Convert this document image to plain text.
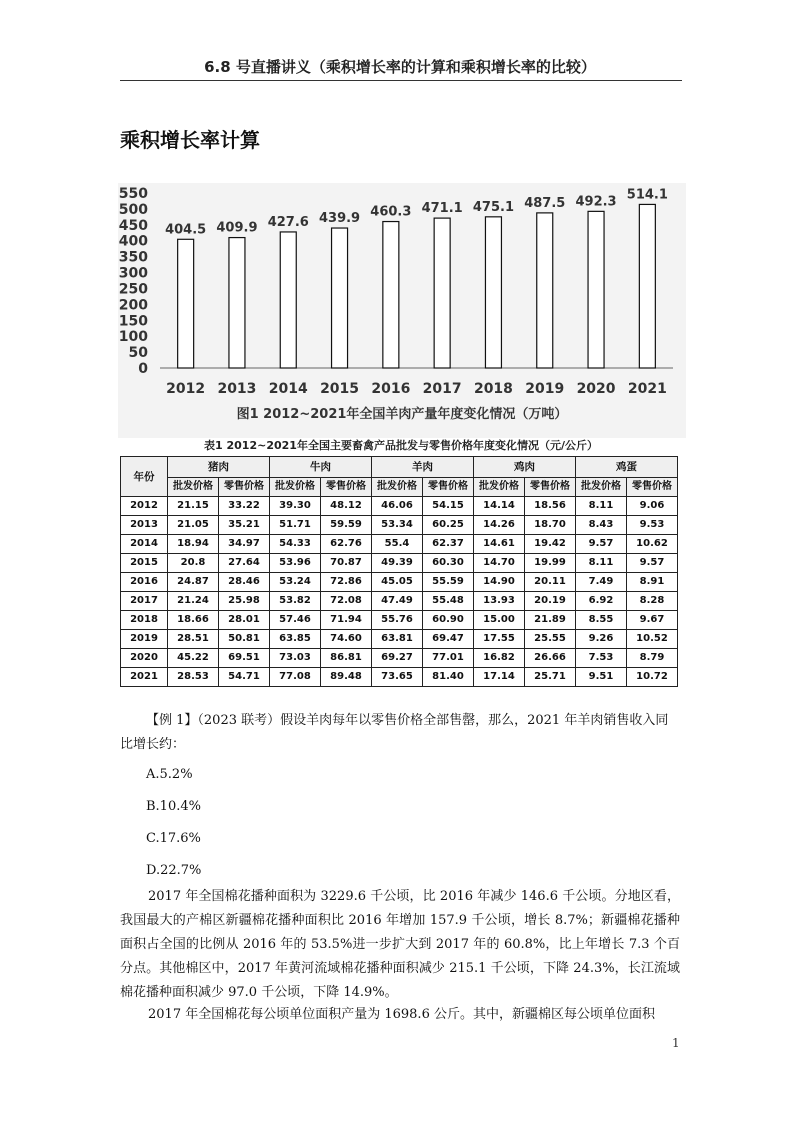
6.8 号直播讲义（乘积增长率的计算和乘积增长率的比较）
乘积增长率计算
0
50
100
150
200
250
300
350
400
450
500
550
404.5
2012
409.9
2013
427.6
2014
439.9
2015
460.3
2016
471.1
2017
475.1
2018
487.5
2019
492.3
2020
514.1
2021
图1 2012~2021年全国羊肉产量年度变化情况（万吨）
表1 2012~2021年全国主要畜禽产品批发与零售价格年度变化情况（元/公斤）
年份	猪肉		牛肉		羊肉		鸡肉		鸡蛋	
	批发价格	零售价格	批发价格	零售价格	批发价格	零售价格	批发价格	零售价格	批发价格	零售价格
2012	21.15	33.22	39.30	48.12	46.06	54.15	14.14	18.56	8.11	9.06
2013	21.05	35.21	51.71	59.59	53.34	60.25	14.26	18.70	8.43	9.53
2014	18.94	34.97	54.33	62.76	55.4	62.37	14.61	19.42	9.57	10.62
2015	20.8	27.64	53.96	70.87	49.39	60.30	14.70	19.99	8.11	9.57
2016	24.87	28.46	53.24	72.86	45.05	55.59	14.90	20.11	7.49	8.91
2017	21.24	25.98	53.82	72.08	47.49	55.48	13.93	20.19	6.92	8.28
2018	18.66	28.01	57.46	71.94	55.76	60.90	15.00	21.89	8.55	9.67
2019	28.51	50.81	63.85	74.60	63.81	69.47	17.55	25.55	9.26	10.52
2020	45.22	69.51	73.03	86.81	69.27	77.01	16.82	26.66	7.53	8.79
2021	28.53	54.71	77.08	89.48	73.65	81.40	17.14	25.71	9.51	10.72
【例 1】（2023 联考）假设羊肉每年以零售价格全部售罄，那么，2021 年羊肉销售收入同比增长约：
A.5.2%
B.10.4%
C.17.6%
D.22.7%
2017 年全国棉花播种面积为 3229.6 千公顷，比 2016 年减少 146.6 千公顷。分地区看，我国最大的产棉区新疆棉花播种面积比 2016 年增加 157.9 千公顷，增长 8.7%；新疆棉花播种面积占全国的比例从 2016 年的 53.5%进一步扩大到 2017 年的 60.8%，比上年增长 7.3 个百分点。其他棉区中，2017 年黄河流域棉花播种面积减少 215.1 千公顷，下降 24.3%，长江流域棉花播种面积减少 97.0 千公顷，下降 14.9%。
2017 年全国棉花每公顷单位面积产量为 1698.6 公斤。其中，新疆棉区每公顷单位面积
1
